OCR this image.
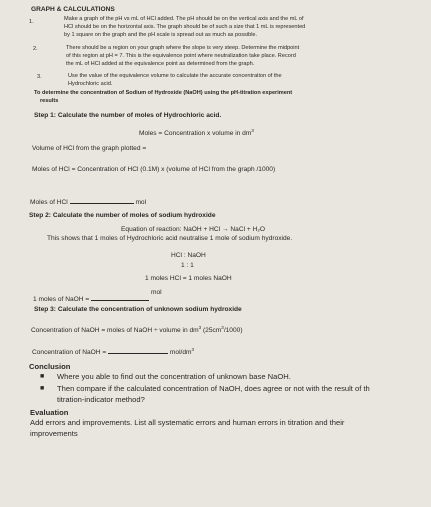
GRAPH & CALCULATIONS
1.	Make a graph of the pH vs mL of HCl added. The pH should be on the vertical axis and the mL of
HCl should be on the horizontal axis. The graph should be of such a size that 1 mL is represented
by 1 square on the graph and the pH scale is spread out as much as possible.
2.	There should be a region on your graph where the slope is very steep. Determine the midpoint
of this region at pH = 7. This is the equivalence point where neutralization take place. Record
the mL of HCl added at the equivalence point as determined from the graph.
3.	Use the value of the equivalence volume to calculate the accurate concentration of the
Hydrochloric acid.
To determine the concentration of Sodium of Hydroxide (NaOH) using the pH-titration experiment
results
Step 1: Calculate the number of moles of Hydrochloric acid.
Moles = Concentration x volume in $dm^3$
Volume of HCl from the graph plotted =
Moles of HCl = Concentration of HCl (0.1M) x (volume of HCl from the graph /1000)
Moles of HCl	mol
Step 2: Calculate the number of moles of sodium hydroxide
Equation of reaction: NaOH + HCl → NaCl + H₂O
This shows that 1 moles of Hydrochloric acid neutralise 1 mole of sodium hydroxide.
HCl : NaOH
1 : 1
1 moles HCl = 1 moles NaOH
1 moles of NaOH =  mol
Step 3: Calculate the concentration of unknown sodium hydroxide
Concentration of NaOH = moles of NaOH ÷ volume in $dm^3$ $(25cm^3/1000)$
Concentration of NaOH =	mol/$dm^3$
Conclusion
■ Where you able to find out the concentration of unknown base NaOH.
■ Then compare if the calculated concentration of NaOH, does agree or not with the result of th
titration-indicator method?
Evaluation
Add errors and improvements. List all systematic errors and human errors in titration and their
improvements
